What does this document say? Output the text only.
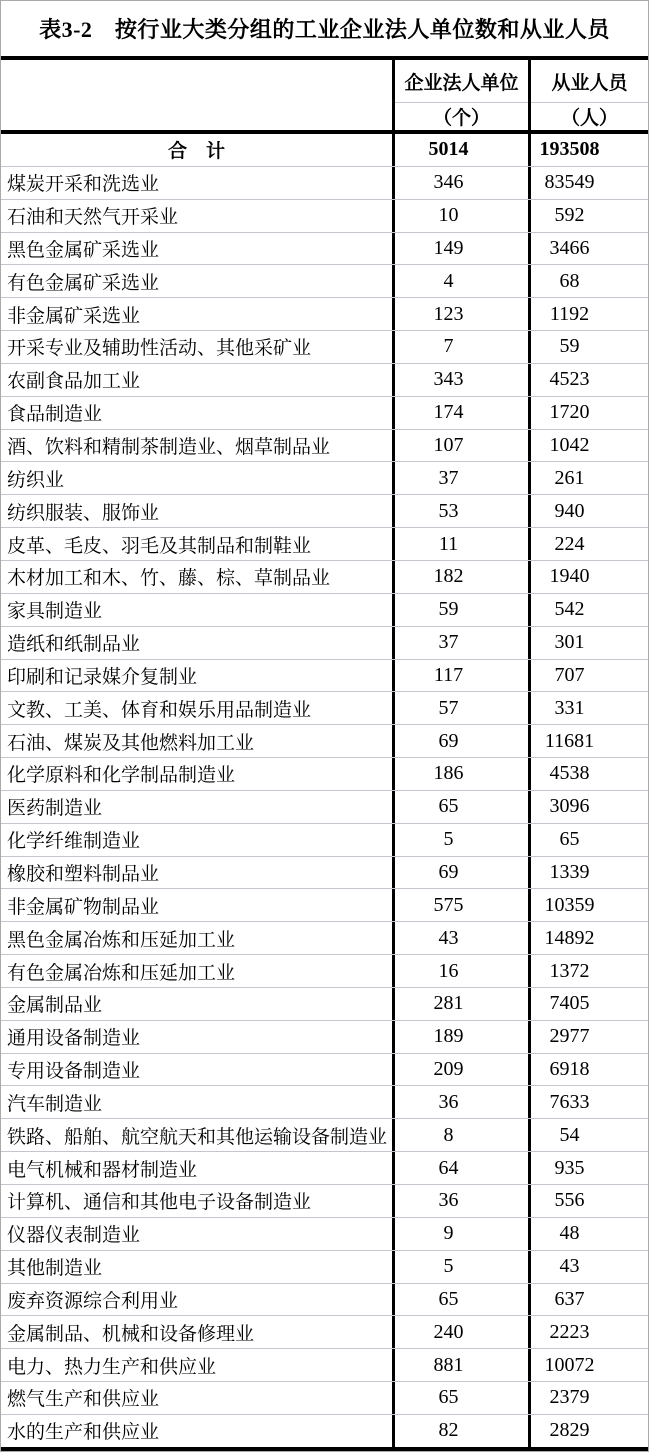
表3-2　按行业大类分组的工业企业法人单位数和从业人员
企业法人单位
（个）
从业人员
（人）
合　计	5014	193508
煤炭开采和洗选业	346	83549
石油和天然气开采业	10	592
黑色金属矿采选业	149	3466
有色金属矿采选业	4	68
非金属矿采选业	123	1192
开采专业及辅助性活动、其他采矿业	7	59
农副食品加工业	343	4523
食品制造业	174	1720
酒、饮料和精制茶制造业、烟草制品业	107	1042
纺织业	37	261
纺织服装、服饰业	53	940
皮革、毛皮、羽毛及其制品和制鞋业	11	224
木材加工和木、竹、藤、棕、草制品业	182	1940
家具制造业	59	542
造纸和纸制品业	37	301
印刷和记录媒介复制业	117	707
文教、工美、体育和娱乐用品制造业	57	331
石油、煤炭及其他燃料加工业	69	11681
化学原料和化学制品制造业	186	4538
医药制造业	65	3096
化学纤维制造业	5	65
橡胶和塑料制品业	69	1339
非金属矿物制品业	575	10359
黑色金属冶炼和压延加工业	43	14892
有色金属冶炼和压延加工业	16	1372
金属制品业	281	7405
通用设备制造业	189	2977
专用设备制造业	209	6918
汽车制造业	36	7633
铁路、船舶、航空航天和其他运输设备制造业	8	54
电气机械和器材制造业	64	935
计算机、通信和其他电子设备制造业	36	556
仪器仪表制造业	9	48
其他制造业	5	43
废弃资源综合利用业	65	637
金属制品、机械和设备修理业	240	2223
电力、热力生产和供应业	881	10072
燃气生产和供应业	65	2379
水的生产和供应业	82	2829
